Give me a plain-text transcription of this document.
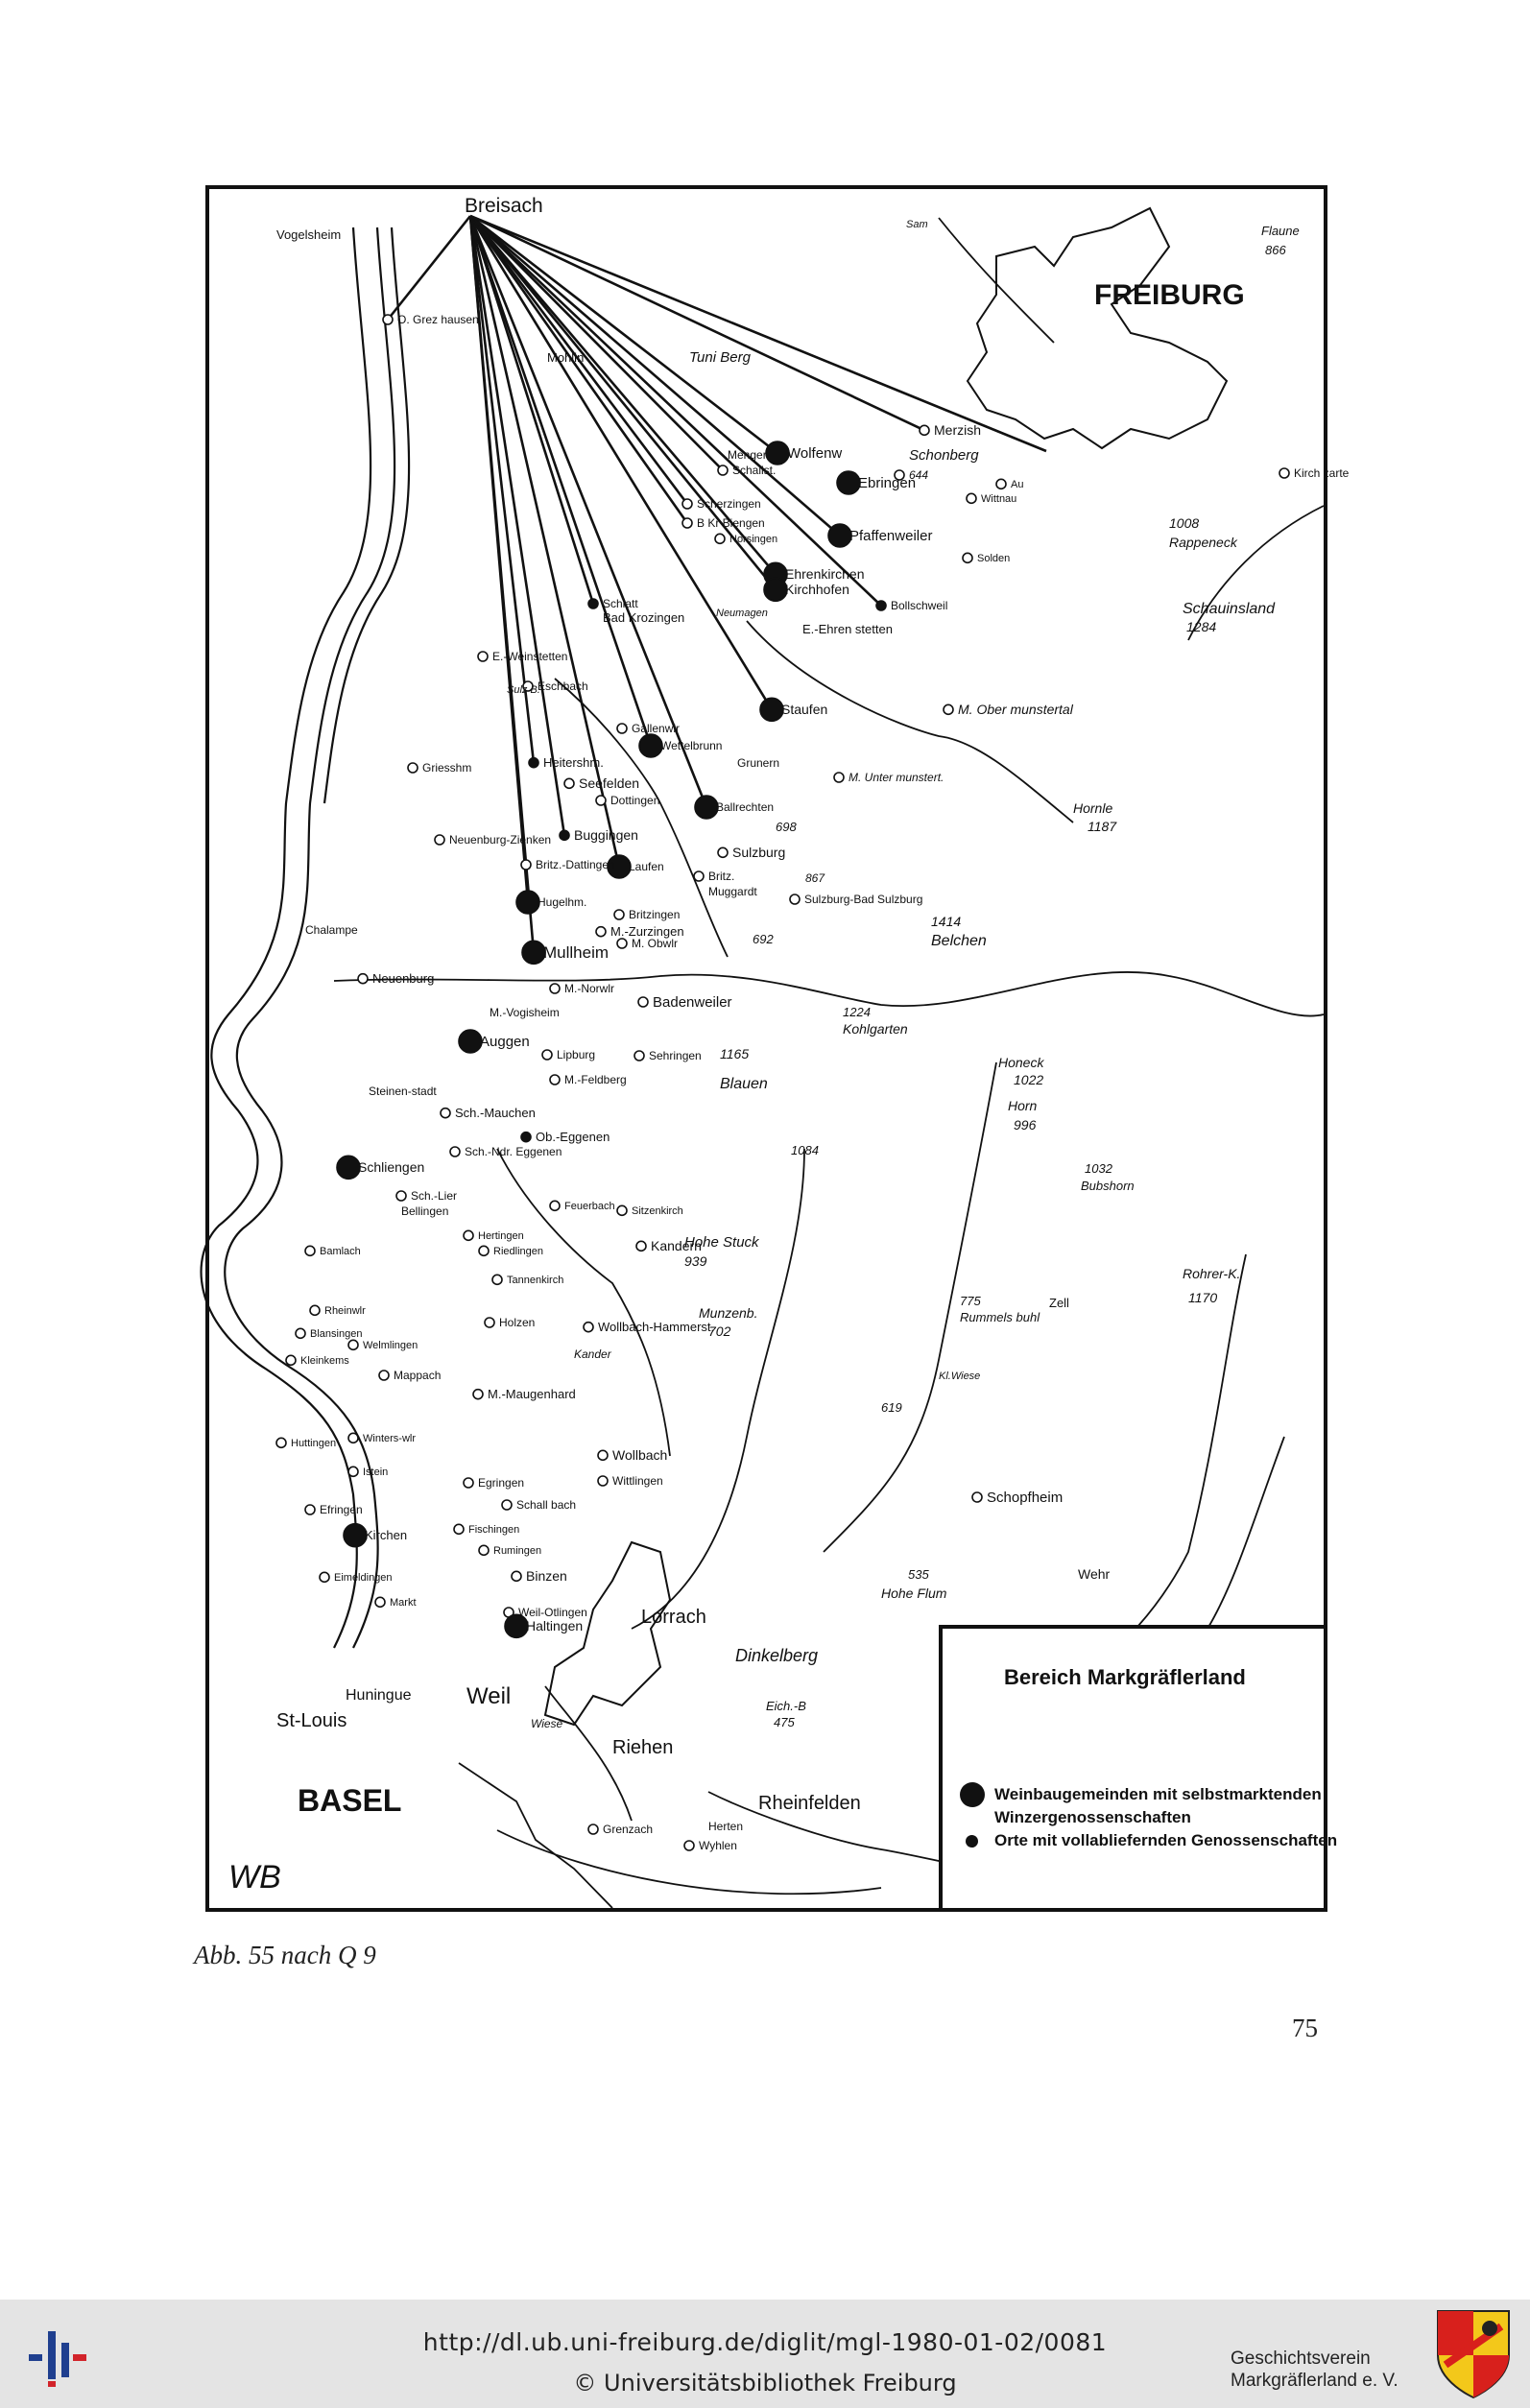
Vogelsheim
O. Grez hausen
Merzish
Menger
Schallst.
Wolfenw
Ebringen
Schonberg
644
Au
Wittnau
Scherzingen
B Kr Biengen
Norsingen	Pfaffenweiler
Solden
Ehrenkirchen
Kirchhofen
Bollschweil
E.-Ehren stetten
Schlatt
Bad Krozingen
E.-Weinstetten
Eschbach
Staufen	M. Ober munstertal
Gallenwlr
Wettelbrunn
Grunern
Griesshm	Heitershm.
Seefelden
Dottingen	Ballrechten
M. Unter munstert.
698
Neuenburg-Zienken Buggingen
Sulzburg
Britz.-Dattingen Laufen
Britz.
Muggardt
867
Sulzburg-Bad Sulzburg
Hugelhm.
Britzingen
M.-Zurzingen
692
Chalampe
Mullheim M. Obwlr
Neuenburg
M.-Norwlr
Badenweiler
M.-Vogisheim
Auggen
Lipburg	Sehringen 1165
Blauen
M.-Feldberg
Steinen-stadt
Sch.-Mauchen
Ob.-Eggenen
Sch.-Ndr. Eggenen
Schliengen
Sch.-Lier
Bellingen	Feuerbach Sitzenkirch
Hertingen
Bamlach	Riedlingen	Kandern
Hohe Stuck
939
Tannenkirch
Rheinwlr
Holzen
Blansingen
Welmlingen
Wollbach-Hammerst.
Munzenb.
702
Kleinkems
Mappach
M.-Maugenhard
Huttingen	Winters-wlr
Wollbach
Istein
Egringen	Wittlingen
Efringen
Kirchen
Schall bach
Fischingen
Rumingen
Binzen
Eimeldingen
Markt
Weil-Otlingen
Haltingen	Lorrach
Huningue Weil
St-Louis
Riehen
Eich.-B
475
Rheinfelden
Grenzach	Herten
Wyhlen
Dinkelberg
Hohe Flum
535
Schopfheim
619
Wehr
Zell
775
Rummels buhl
Rohrer-K.
1170
1032
Bubshorn
Honeck
1022
Horn
996
1084
1224
Kohlgarten
1414
Belchen
Hornle
1187
Schauinsland
1284
1008
Rappeneck
Kirch zarte
Flaune
866
Mohlin	Tuni Berg
Neumagen
Sulz B.
Kander
Kl.Wiese
Wiese
Sam
FREIBURG
BASEL
Breisach
WB
Bereich Markgräflerland
Weinbaugemeinden mit selbstmarktenden
Winzergenossenschaften
Orte mit vollabliefernden Genossenschaften
Abb. 55 nach Q 9
75
http://dl.ub.uni-freiburg.de/diglit/mgl-1980-01-02/0081
© Universitätsbibliothek Freiburg
Geschichtsverein
Markgräflerland e. V.
